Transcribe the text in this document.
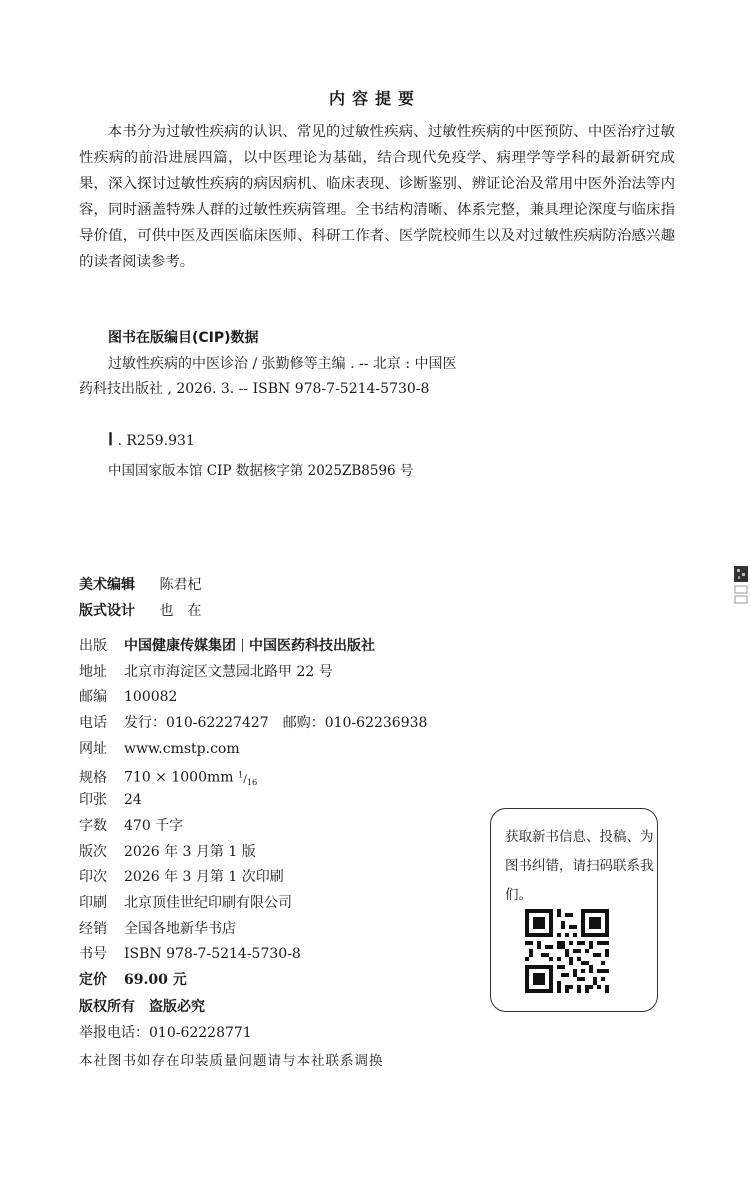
内容提要
本书分为过敏性疾病的认识、常见的过敏性疾病、过敏性疾病的中医预防、中医治疗过敏性疾病的前沿进展四篇，以中医理论为基础，结合现代免疫学、病理学等学科的最新研究成果，深入探讨过敏性疾病的病因病机、临床表现、诊断鉴别、辨证论治及常用中医外治法等内容，同时涵盖特殊人群的过敏性疾病管理。全书结构清晰、体系完整，兼具理论深度与临床指导价值，可供中医及西医临床医师、科研工作者、医学院校师生以及对过敏性疾病防治感兴趣的读者阅读参考。
图书在版编目(CIP)数据
过敏性疾病的中医诊治 / 张勤修等主编 . -- 北京 : 中国医药科技出版社 , 2026. 3. -- ISBN 978-7-5214-5730-8
Ⅰ . R259.931
中国国家版本馆 CIP 数据核字第 2025ZB8596 号
美术编辑 陈君杞
版式设计 也　在
出版 中国健康传媒集团 中国医药科技出版社
地址 北京市海淀区文慧园北路甲 22 号
邮编 100082
电话 发行：010-62227427　邮购：010-62236938
网址 www.cmstp.com
规格 710 × 1000mm $^1/_{16}$
印张 24
字数 470 千字
版次 2026 年 3 月第 1 版
印次 2026 年 3 月第 1 次印刷
印刷 北京顶佳世纪印刷有限公司
经销 全国各地新华书店
书号 ISBN 978-7-5214-5730-8
定价 69.00 元
版权所有　盗版必究
举报电话：010-62228771
本社图书如存在印装质量问题请与本社联系调换
获取新书信息、投稿、为图书纠错，请扫码联系我们。
